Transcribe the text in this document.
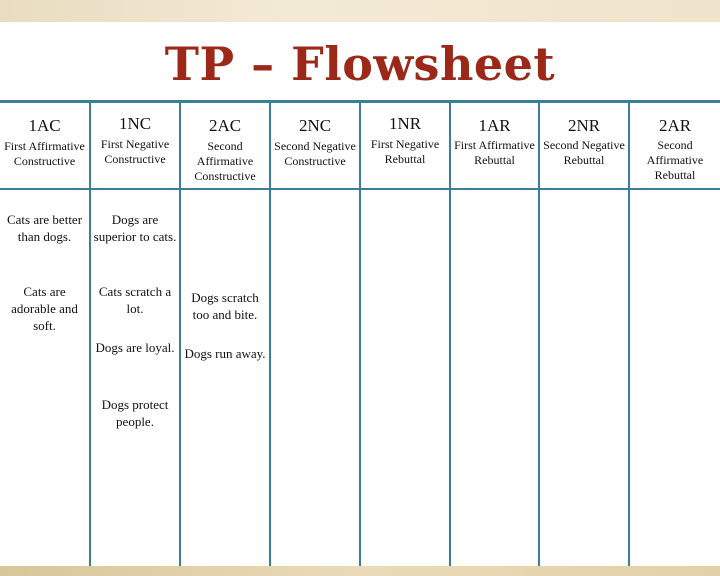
TP – Flowsheet
1AC
First Affirmative Constructive
Cats are better than dogs.
Cats are adorable and soft.
1NC
First Negative Constructive
Dogs are superior to cats.
Cats scratch a lot.
Dogs are loyal.
Dogs protect people.
2AC
Second Affirmative Constructive
Dogs scratch too and bite.
Dogs run away.
2NC
Second Negative Constructive
1NR
First Negative Rebuttal
1AR
First Affirmative Rebuttal
2NR
Second Negative Rebuttal
2AR
Second Affirmative Rebuttal
